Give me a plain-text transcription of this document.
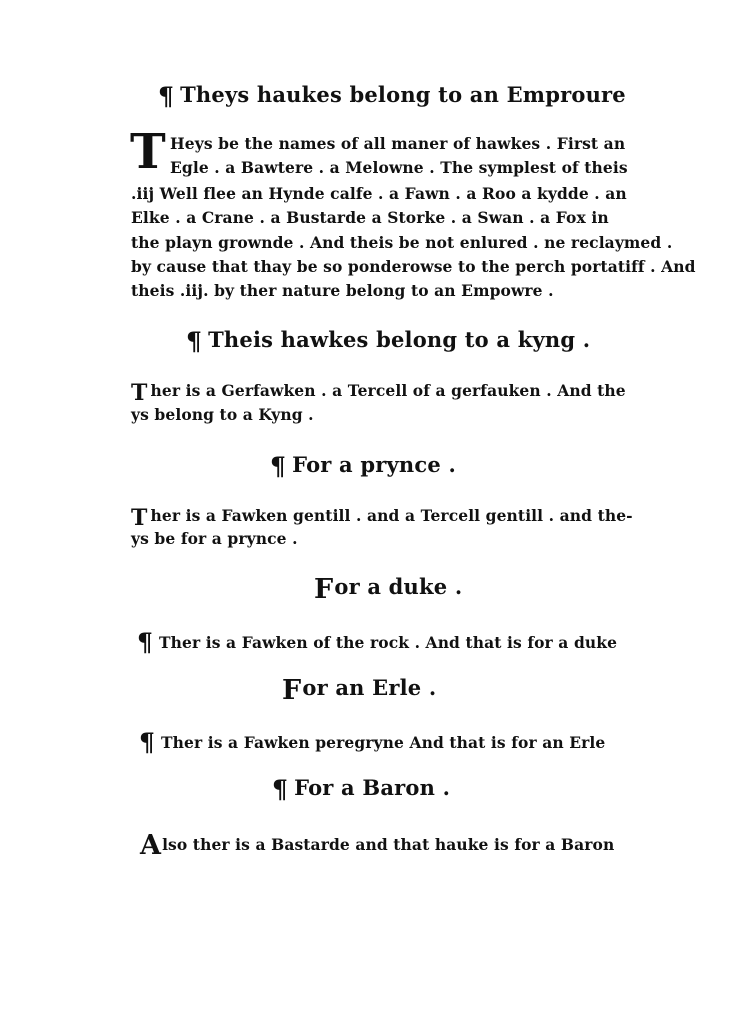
¶ Theys haukes belong to an Emproure
T Heys be the names of all maner of hawkes . First an
Egle . a Bawtere . a Melowne . The symplest of theis
.iij Well flee an Hynde calfe . a Fawn . a Roo a kydde . an
Elke . a Crane . a Bustarde a Storke . a Swan . a Fox in
the playn grownde . And theis be not enlured . ne reclaymed .
by cause that thay be so ponderowse to the perch portatiff . And
theis .iij. by ther nature belong to an Empowre .
¶ Theis hawkes belong to a kyng .
T her is a Gerfawken . a Tercell of a gerfauken . And the
ys belong to a Kyng .
¶ For a prynce .
T her is a Fawken gentill . and a Tercell gentill . and the-
ys be for a prynce .
For a duke .
¶ Ther is a Fawken of the rock . And that is for a duke
For an Erle .
¶ Ther is a Fawken peregryne And that is for an Erle
¶ For a Baron .
Also ther is a Bastarde and that hauke is for a Baron
